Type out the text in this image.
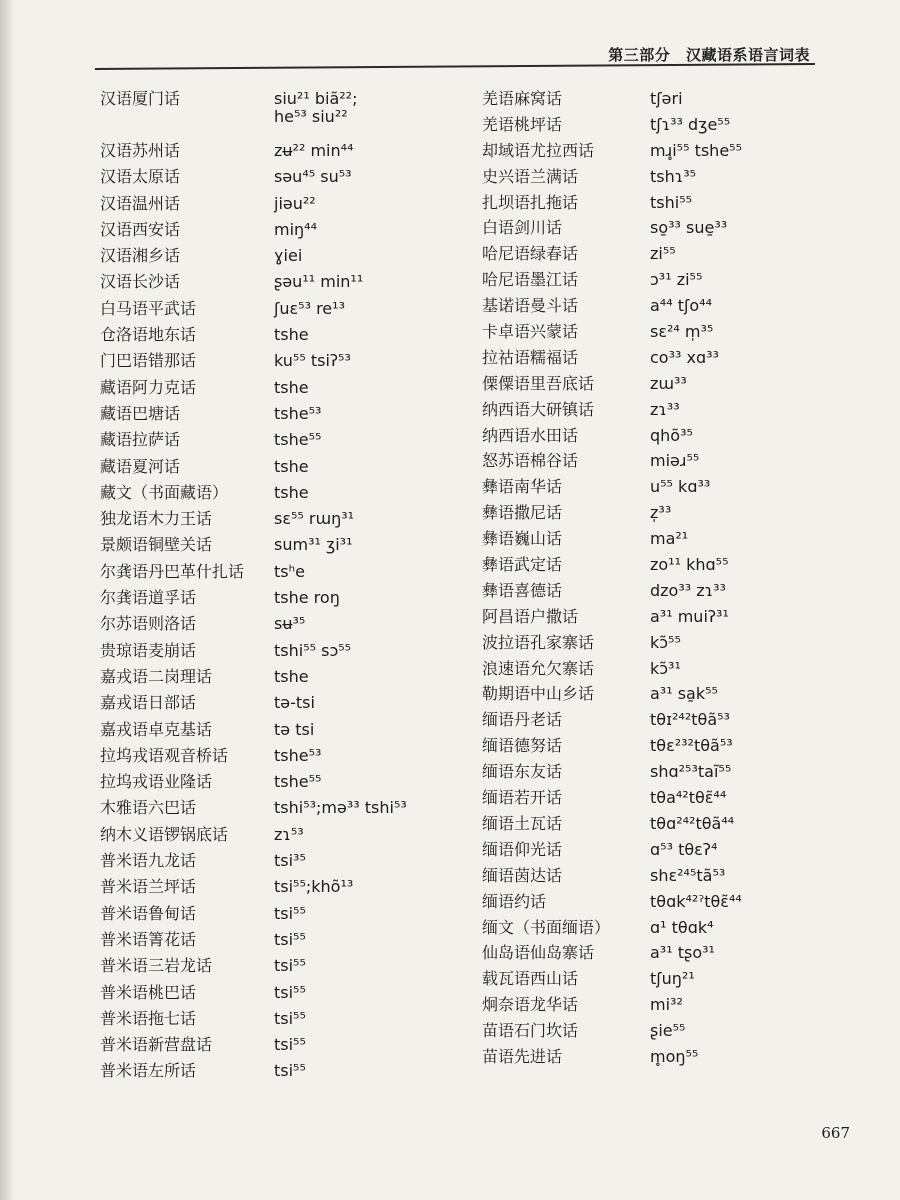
第三部分 汉藏语系语言词表
汉语厦门话	siu²¹ biã²²;
he⁵³ siu²²
汉语苏州话	zʉ²² min⁴⁴
汉语太原话	səu⁴⁵ su⁵³
汉语温州话	jiəu²²
汉语西安话	miŋ⁴⁴
汉语湘乡话	ɣiei
汉语长沙话	ʂəu¹¹ min¹¹
白马语平武话	ʃuɛ⁵³ re¹³
仓洛语地东话	tshe
门巴语错那话	ku⁵⁵ tsiʔ⁵³
藏语阿力克话	tshe
藏语巴塘话	tshe⁵³
藏语拉萨话	tshe⁵⁵
藏语夏河话	tshe
藏文（书面藏语）	tshe
独龙语木力王话	sɛ⁵⁵ rɯŋ³¹
景颇语铜壁关话	sum³¹ ʒi³¹
尔龚语丹巴革什扎话	tsʰe
尔龚语道孚话	tshe roŋ
尔苏语则洛话	sʉ³⁵
贵琼语麦崩话	tshi⁵⁵ sɔ⁵⁵
嘉戎语二岗理话	tshe
嘉戎语日部话	tə-tsi
嘉戎语卓克基话	tə tsi
拉坞戎语观音桥话	tshe⁵³
拉坞戎语业隆话	tshe⁵⁵
木雅语六巴话	tshi⁵³;mə³³ tshi⁵³
纳木义语锣锅底话	zɿ⁵³
普米语九龙话	tsi³⁵
普米语兰坪话	tsi⁵⁵;khõ¹³
普米语鲁甸话	tsi⁵⁵
普米语箐花话	tsi⁵⁵
普米语三岩龙话	tsi⁵⁵
普米语桃巴话	tsi⁵⁵
普米语拖七话	tsi⁵⁵
普米语新营盘话	tsi⁵⁵
普米语左所话	tsi⁵⁵
羌语麻窝话	tʃəri
羌语桃坪话	tʃɿ³³ dʒe⁵⁵
却域语尤拉西话	mɹ̥i⁵⁵ tshe⁵⁵
史兴语兰满话	tshɿ³⁵
扎坝语扎拖话	tshi⁵⁵
白语剑川话	so̱³³ sue̱³³
哈尼语绿春话	zi⁵⁵
哈尼语墨江话	ɔ³¹ zi⁵⁵
基诺语曼斗话	a⁴⁴ tʃo⁴⁴
卡卓语兴蒙话	sɛ²⁴ m̩³⁵
拉祜语糯福话	co³³ xɑ³³
傈僳语里吾底话	zɯ³³
纳西语大研镇话	zɿ³³
纳西语水田话	qhõ³⁵
怒苏语棉谷话	miəɹ⁵⁵
彝语南华话	u⁵⁵ kɑ³³
彝语撒尼话	z̩³³
彝语巍山话	ma²¹
彝语武定话	zo¹¹ khɑ⁵⁵
彝语喜德话	dzo³³ zɿ³³
阿昌语户撒话	a³¹ muiʔ³¹
波拉语孔家寨话	kɔ̃⁵⁵
浪速语允欠寨话	kɔ̃³¹
勒期语中山乡话	a³¹ sa̱k⁵⁵
缅语丹老话	tθɪ²⁴²tθã⁵³
缅语德努话	tθɛ²³²tθã⁵³
缅语东友话	shɑ²⁵³taĩ⁵⁵
缅语若开话	tθa⁴²tθɛ̃⁴⁴
缅语土瓦话	tθɑ²⁴²tθã⁴⁴
缅语仰光话	ɑ⁵³ tθɛʔ⁴
缅语茵达话	shɛ²⁴⁵tã⁵³
缅语约话	tθɑk⁴²ˀtθɛ̃⁴⁴
缅文（书面缅语）	ɑ¹ tθɑk⁴
仙岛语仙岛寨话	a³¹ tʂo³¹
载瓦语西山话	tʃuŋ²¹
炯奈语龙华话	mi³²
苗语石门坎话	ʂie⁵⁵
苗语先进话	m̥oŋ⁵⁵
667
